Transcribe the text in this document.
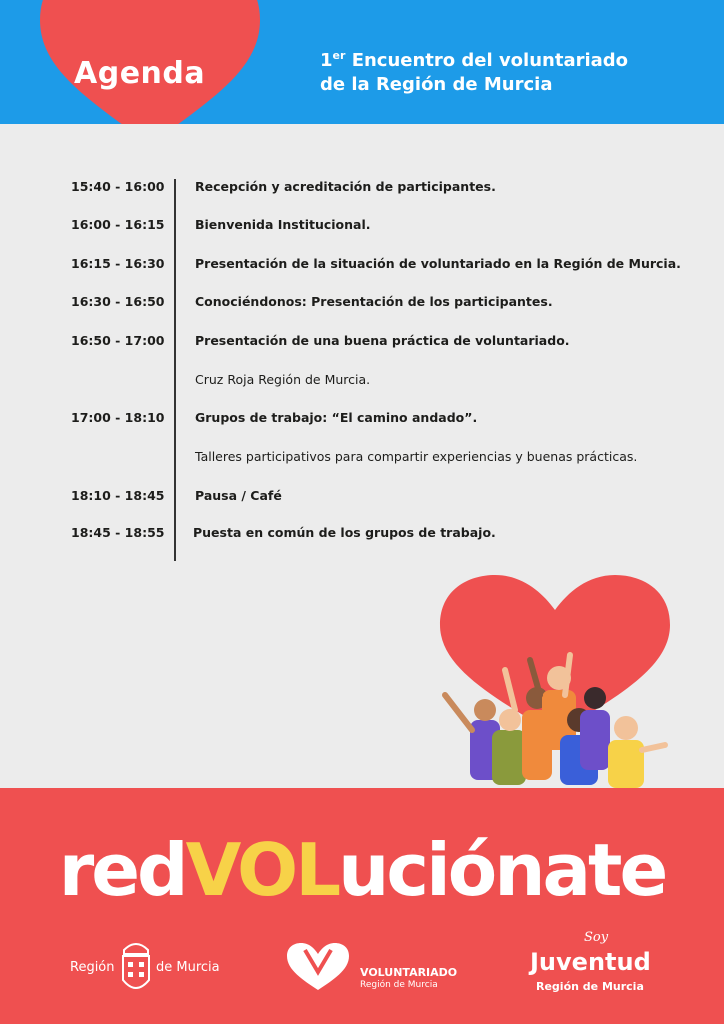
Agenda	1er Encuentro del voluntariado
de la Región de Murcia
15:40 - 16:00 Recepción y acreditación de participantes.
16:00 - 16:15 Bienvenida Institucional.
16:15 - 16:30 Presentación de la situación de voluntariado en la Región de Murcia.
16:30 - 16:50 Conociéndonos: Presentación de los participantes.
16:50 - 17:00 Presentación de una buena práctica de voluntariado.
Cruz Roja Región de Murcia.
17:00 - 18:10 Grupos de trabajo: “El camino andado”.
Talleres participativos para compartir experiencias y buenas prácticas.
18:10 - 18:45 Pausa / Café
18:45 - 18:55 Puesta en común de los grupos de trabajo.
redVOLuciónate
Región	de Murcia	VOLUNTARIADO
Región de Murcia
Soy
Juventud
Región de Murcia
